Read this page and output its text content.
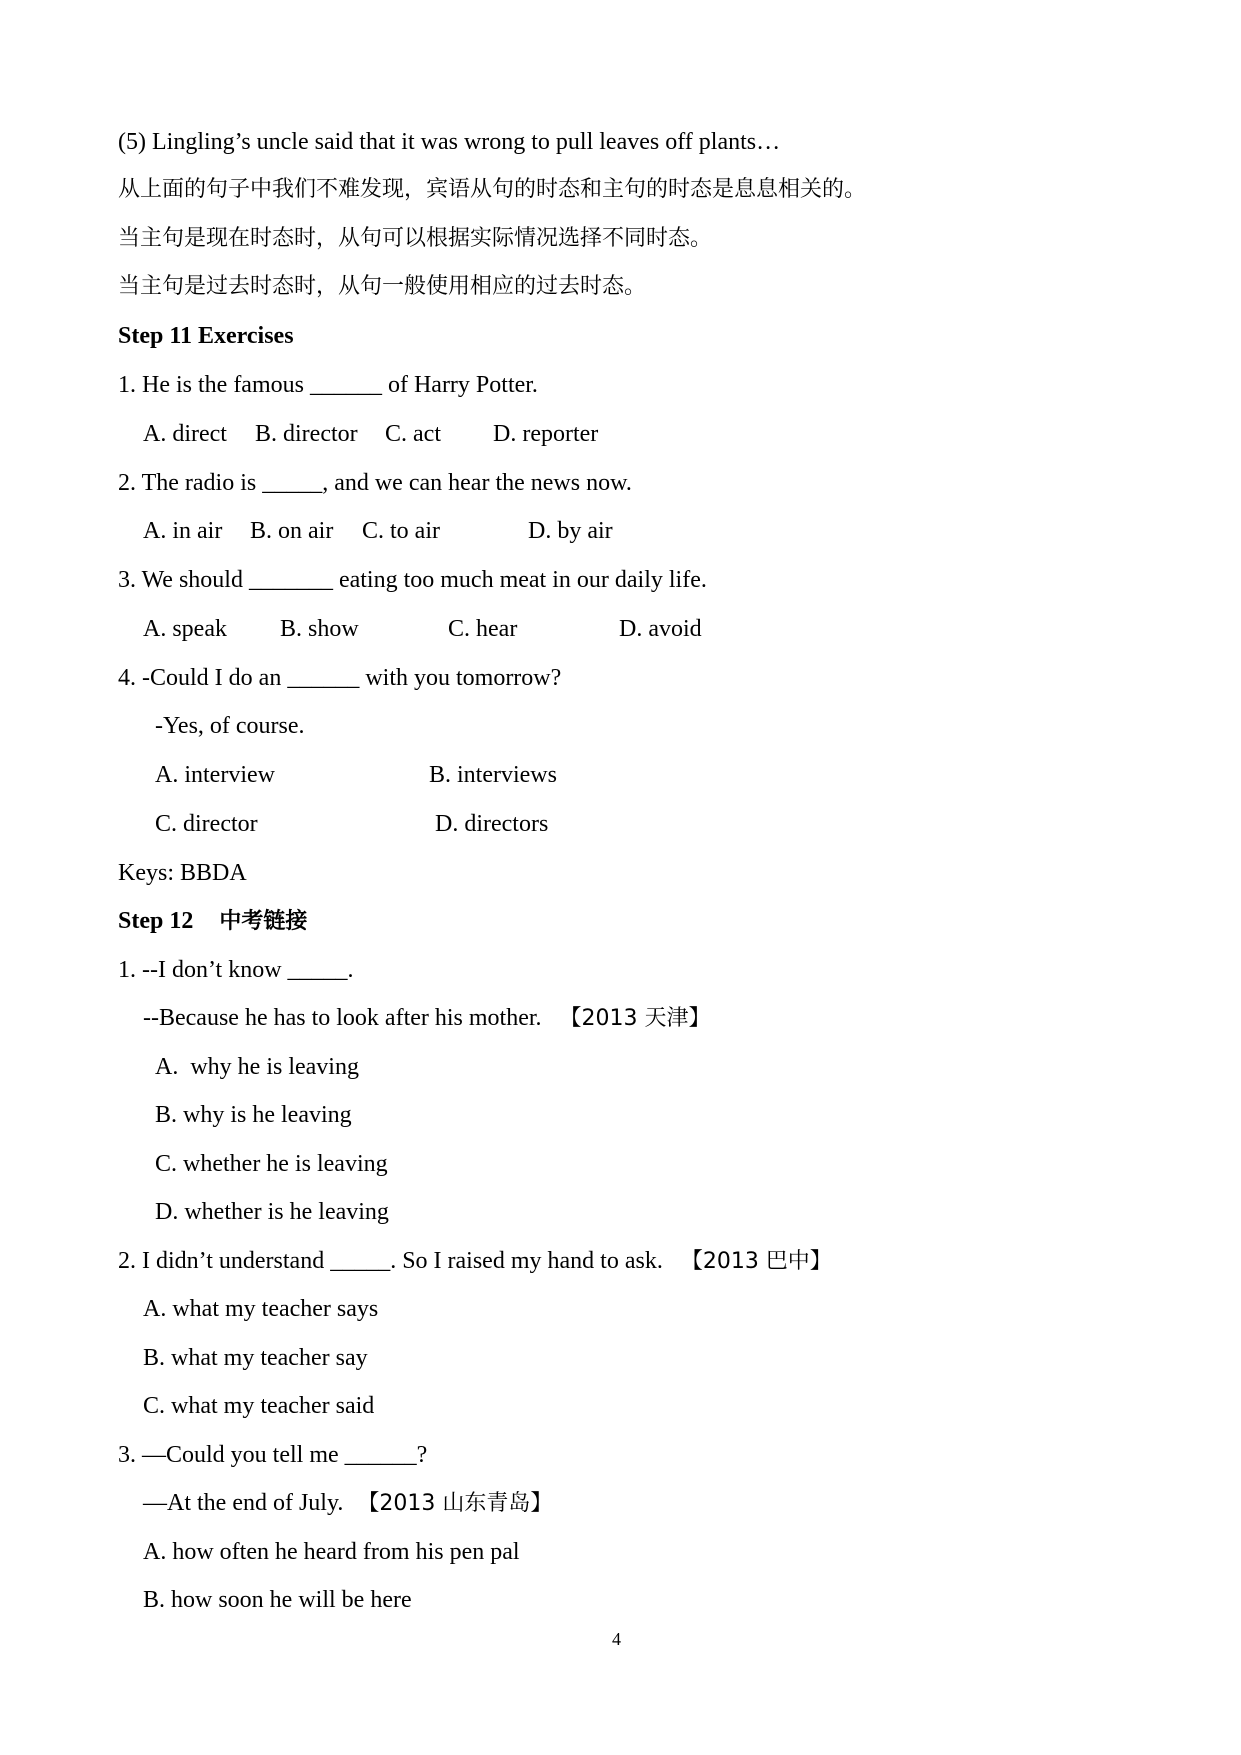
(5) Lingling’s uncle said that it was wrong to pull leaves off plants…

从上面的句子中我们不难发现，宾语从句的时态和主句的时态是息息相关的。

当主句是现在时态时，从句可以根据实际情况选择不同时态。

当主句是过去时态时，从句一般使用相应的过去时态。

Step 11 Exercises

1. He is the famous ______ of Harry Potter.

A. direct B. director C. act D. reporter

2. The radio is _____, and we can hear the news now.

A. in air B. on air C. to air	D. by air

3. We should _______ eating too much meat in our daily life.

A. speak B. show	C. hear	D. avoid

4. -Could I do an ______ with you tomorrow?

-Yes, of course.

A. interview	B. interviews
C. director	D. directors

Keys: BBDA

Step 12 中考链接

1. --I don’t know _____.

--Because he has to look after his mother. 【2013 天津】

A.  why he is leaving

B. why is he leaving

C. whether he is leaving

D. whether is he leaving

2. I didn’t understand _____. So I raised my hand to ask. 【2013 巴中】

A. what my teacher says

B. what my teacher say

C. what my teacher said

3. —Could you tell me ______?

—At the end of July. 【2013 山东青岛】

A. how often he heard from his pen pal

B. how soon he will be here

4
